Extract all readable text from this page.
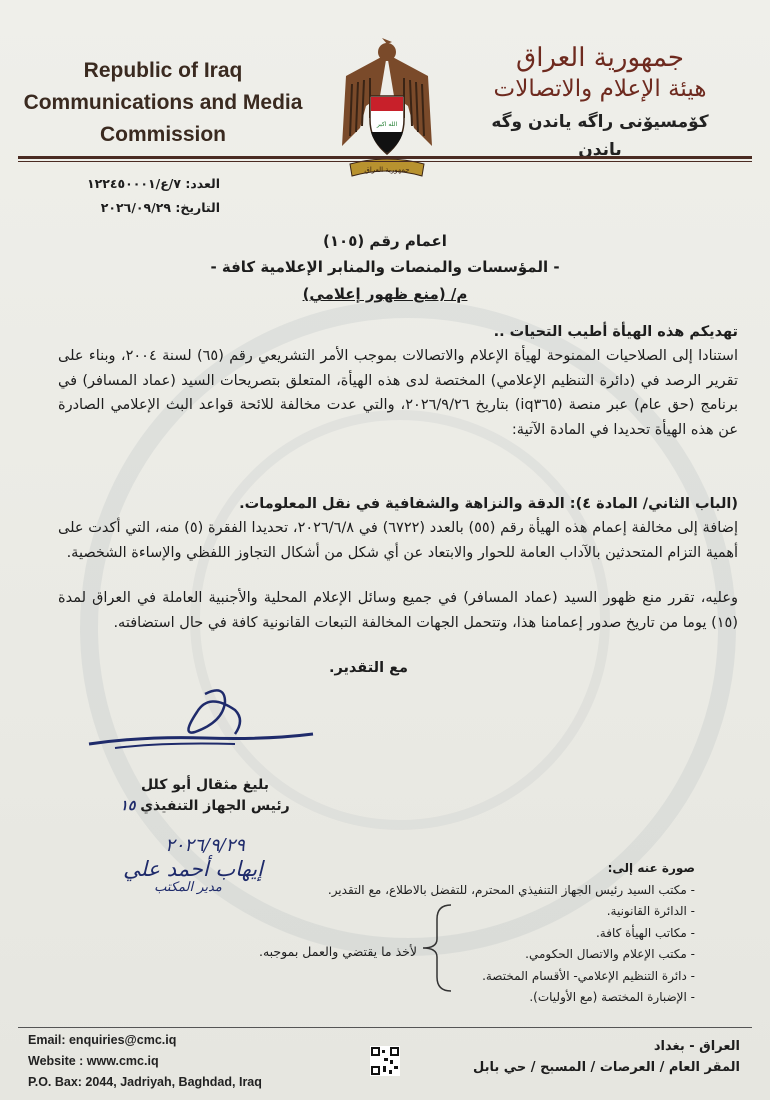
Republic of Iraq
Communications and Media
Commission	الله اكبر
جمهورية العراق
جمهورية العراق
هيئة الإعلام والاتصالات
كۆمسيۆنى راگه ياندن وگه ياندن
العدد: ٧/ع/١٢٢٤٥٠٠٠١
التاريخ: ٢٠٢٦/٠٩/٢٩
اعمام رقم (١٠٥)
- المؤسسات والمنصات والمنابر الإعلامية كافة -
م/ (منع ظهور إعلامي)
تهديكم هذه الهيأة أطيب التحيات ..
استنادا إلى الصلاحيات الممنوحة لهيأة الإعلام والاتصالات بموجب الأمر التشريعي رقم (٦٥) لسنة ٢٠٠٤، وبناء على تقرير الرصد في (دائرة التنظيم الإعلامي) المختصة لدى هذه الهيأة، المتعلق بتصريحات السيد (عماد المسافر) في برنامج (حق عام) عبر منصة (iq٣٦٥) بتاريخ ٢٠٢٦/٩/٢٦، والتي عدت مخالفة للائحة قواعد البث الإعلامي الصادرة عن هذه الهيأة تحديدا في المادة الآتية:
(الباب الثاني/ المادة ٤): الدقة والنزاهة والشفافية في نقل المعلومات.
إضافة إلى مخالفة إعمام هذه الهيأة رقم (٥٥) بالعدد (٦٧٢٢) في ٢٠٢٦/٦/٨، تحديدا الفقرة (٥) منه، التي أكدت على أهمية التزام المتحدثين بالآداب العامة للحوار والابتعاد عن أي شكل من أشكال التجاوز اللفظي والإساءة الشخصية.
وعليه، تقرر منع ظهور السيد (عماد المسافر) في جميع وسائل الإعلام المحلية والأجنبية العاملة في العراق لمدة (١٥) يوما من تاريخ صدور إعمامنا هذا، وتتحمل الجهات المخالفة التبعات القانونية كافة في حال استضافته.
مع التقدير.
بليغ مثقال أبو كلل
رئيس الجهاز التنفيذي ١٥
٢٠٢٦/٩/٢٩
إيهاب أحمد علي
مدير المكتب
صورة عنه إلى:
- مكتب السيد رئيس الجهاز التنفيذي المحترم، للتفضل بالاطلاع، مع التقدير.
- الدائرة القانونية.
- مكاتب الهيأة كافة.
- مكتب الإعلام والاتصال الحكومي.
- دائرة التنظيم الإعلامي- الأقسام المختصة.
- الإضبارة المختصة (مع الأوليات).
لأخذ ما يقتضي والعمل بموجبه.
Email: enquiries@cmc.iq
Website : www.cmc.iq
P.O. Bax: 2044, Jadriyah, Baghdad, Iraq
العراق - بغداد
المقر العام / العرصات / المسبح / حي بابل
